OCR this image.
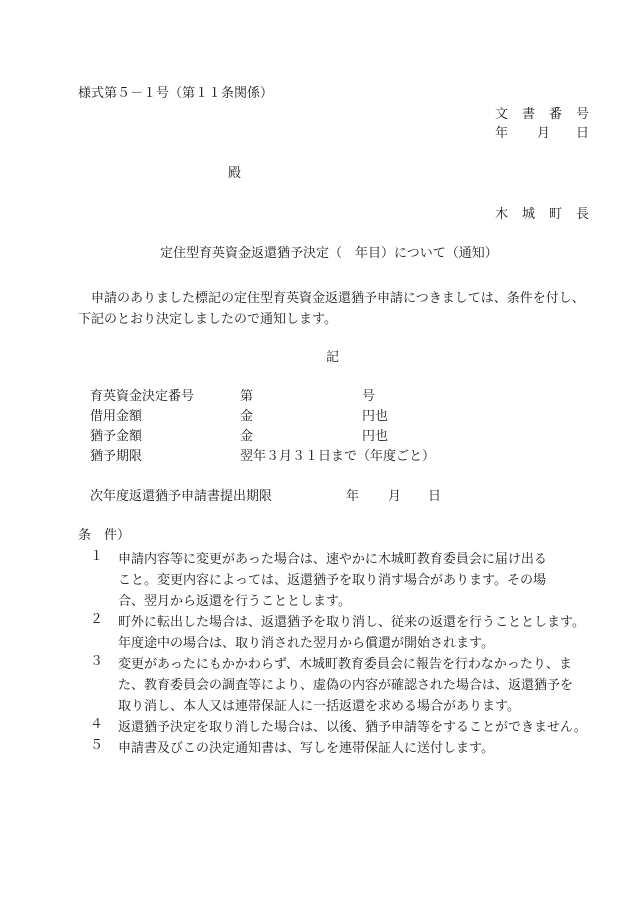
様式第５－１号（第１１条関係）
文書番号
年 月 日
殿
木城町長
定住型育英資金返還猶予決定（　年目）について（通知）
申請のありました標記の定住型育英資金返還猶予申請につきましては、条件を付し、
下記のとおり決定しましたので通知します。
記
育英資金決定番号	第	号
借用金額	金	円也
猶予金額	金	円也
猶予期限	翌年３月３１日まで（年度ごと）
次年度返還猶予申請書提出期限	年 月 日
条　件）
１	申請内容等に変更があった場合は、速やかに木城町教育委員会に届け出る
こと。変更内容によっては、返還猶予を取り消す場合があります。その場
合、翌月から返還を行うこととします。
２	町外に転出した場合は、返還猶予を取り消し、従来の返還を行うこととします。
年度途中の場合は、取り消された翌月から償還が開始されます。
３	変更があったにもかかわらず、木城町教育委員会に報告を行わなかったり、ま
た、教育委員会の調査等により、虚偽の内容が確認された場合は、返還猶予を
取り消し、本人又は連帯保証人に一括返還を求める場合があります。
４	返還猶予決定を取り消した場合は、以後、猶予申請等をすることができません。
５	申請書及びこの決定通知書は、写しを連帯保証人に送付します。
